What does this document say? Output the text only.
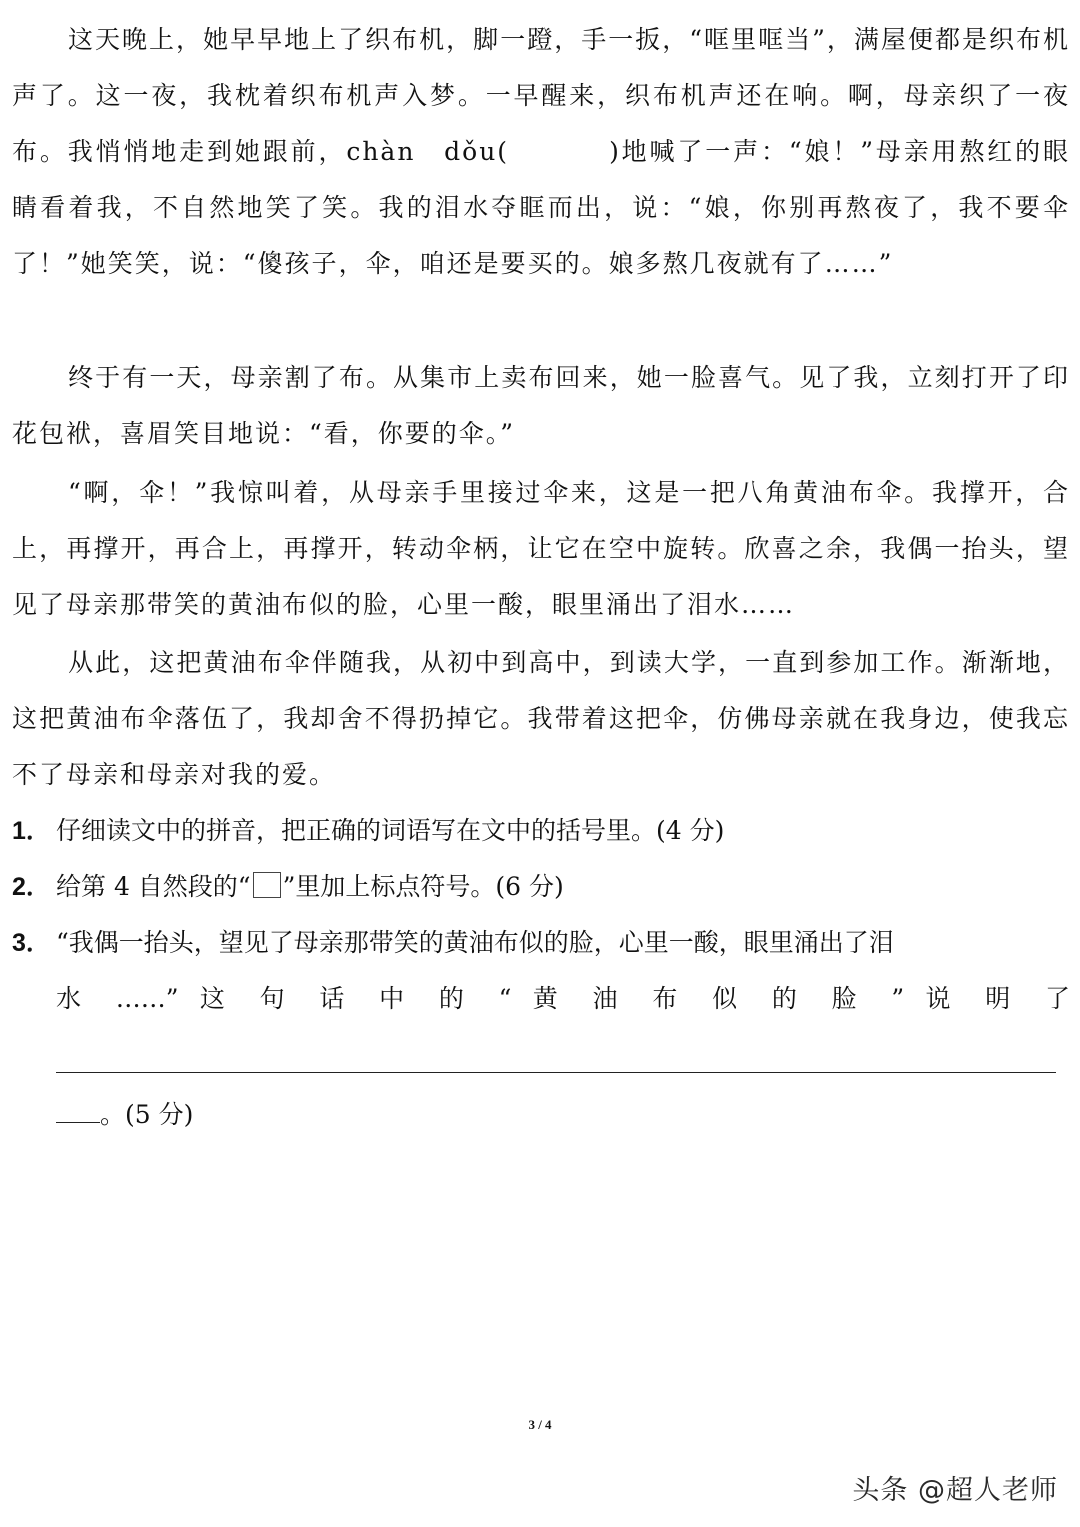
这天晚上，她早早地上了织布机，脚一蹬，手一扳，“哐里哐当”，满屋便都是织布机声了。这一夜，我枕着织布机声入梦。一早醒来，织布机声还在响。啊，母亲织了一夜布。我悄悄地走到她跟前，chàn　dǒu(	)地喊了一声：“娘！”母亲用熬红的眼睛看着我，不自然地笑了笑。我的泪水夺眶而出，说：“娘，你别再熬夜了，我不要伞了！”她笑笑，说：“傻孩子，伞，咱还是要买的。娘多熬几夜就有了……”

终于有一天，母亲割了布。从集市上卖布回来，她一脸喜气。见了我，立刻打开了印花包袱，喜眉笑目地说：“看，你要的伞。”

“啊，伞！”我惊叫着，从母亲手里接过伞来，这是一把八角黄油布伞。我撑开，合上，再撑开，再合上，再撑开，转动伞柄，让它在空中旋转。欣喜之余，我偶一抬头，望见了母亲那带笑的黄油布似的脸，心里一酸，眼里涌出了泪水……

从此，这把黄油布伞伴随我，从初中到高中，到读大学，一直到参加工作。渐渐地，这把黄油布伞落伍了，我却舍不得扔掉它。我带着这把伞，仿佛母亲就在我身边，使我忘不了母亲和母亲对我的爱。

1． 仔细读文中的拼音，把正确的词语写在文中的括号里。(4 分)

2． 给第 4 自然段的“ ”里加上标点符号。(6 分)

3． “我偶一抬头，望见了母亲那带笑的黄油布似的脸，心里一酸，眼里涌出了泪

水 ……” 这 句 话 中 的 “ 黄 油 布 似 的 脸 ” 说 明 了

。(5 分)

3 / 4
头条 @超人老师
